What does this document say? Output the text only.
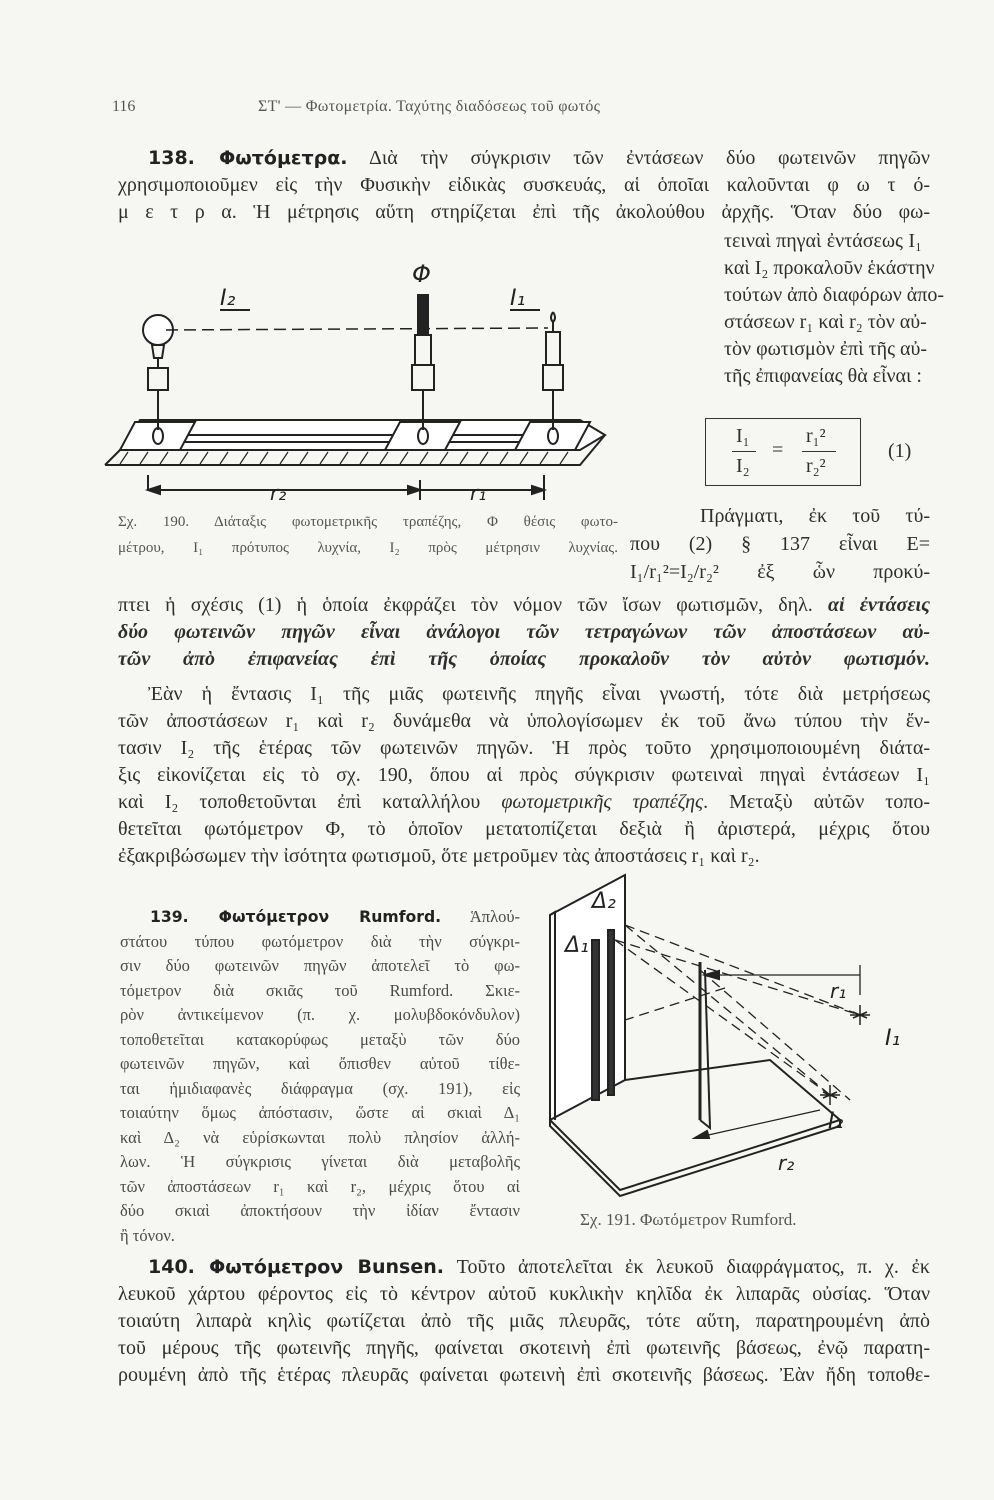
116	ΣΤ' — Φωτομετρία. Ταχύτης διαδόσεως τοῦ φωτός
138. Φωτόμετρα. Διὰ τὴν σύγκρισιν τῶν ἐντάσεων δύο φωτεινῶν πηγῶν
χρησιμοποιοῦμεν εἰς τὴν Φυσικὴν εἰδικὰς συσκευάς, αἱ ὁποῖαι καλοῦνται φ ω τ ό-
μ ε τ ρ α. Ἡ μέτρησις αὕτη στηρίζεται ἐπὶ τῆς ἀκολούθου ἀρχῆς. Ὅταν δύο φω-
τειναὶ πηγαὶ ἐντάσεως I₁
καὶ I₂ προκαλοῦν ἑκάστην
τούτων ἀπὸ διαφόρων ἀπο-
στάσεων r₁ καὶ r₂ τὸν αὐ-
τὸν φωτισμὸν ἐπὶ τῆς αὐ-
τῆς ἐπιφανείας θὰ εἶναι :
Σχ. 190. Διάταξις φωτομετρικῆς τραπέζης, Φ θέσις φωτο-
μέτρου, I₁ πρότυπος λυχνία, I₂ πρὸς μέτρησιν λυχνίας.
Πράγματι, ἐκ τοῦ τύ-
που (2) § 137 εἶναι E=
I₁/r₁²=I₂/r₂² ἐξ ὧν προκύ-
πτει ἡ σχέσις (1) ἡ ὁποία ἐκφράζει τὸν νόμον τῶν ἴσων φωτισμῶν, δηλ. αἱ ἐντάσεις
δύο φωτεινῶν πηγῶν εἶναι ἀνάλογοι τῶν τετραγώνων τῶν ἀποστάσεων αὐ-
τῶν ἀπὸ ἐπιφανείας ἐπὶ τῆς ὁποίας προκαλοῦν τὸν αὐτὸν φωτισμόν.
Ἐὰν ἡ ἔντασις I₁ τῆς μιᾶς φωτεινῆς πηγῆς εἶναι γνωστή, τότε διὰ μετρήσεως
τῶν ἀποστάσεων r₁ καὶ r₂ δυνάμεθα νὰ ὑπολογίσωμεν ἐκ τοῦ ἄνω τύπου τὴν ἔν-
τασιν I₂ τῆς ἑτέρας τῶν φωτεινῶν πηγῶν. Ἡ πρὸς τοῦτο χρησιμοποιουμένη διάτα-
ξις εἰκονίζεται εἰς τὸ σχ. 190, ὅπου αἱ πρὸς σύγκρισιν φωτειναὶ πηγαὶ ἐντάσεων I₁
καὶ I₂ τοποθετοῦνται ἐπὶ καταλλήλου φωτομετρικῆς τραπέζης. Μεταξὺ αὐτῶν τοπο-
θετεῖται φωτόμετρον Φ, τὸ ὁποῖον μετατοπίζεται δεξιὰ ἢ ἀριστερά, μέχρις ὅτου
ἐξακριβώσωμεν τὴν ἰσότητα φωτισμοῦ, ὅτε μετροῦμεν τὰς ἀποστάσεις r₁ καὶ r₂.
139. Φωτόμετρον Rumford. Ἁπλού-
στάτου τύπου φωτόμετρον διὰ τὴν σύγκρι-
σιν δύο φωτεινῶν πηγῶν ἀποτελεῖ τὸ φω-
τόμετρον διὰ σκιᾶς τοῦ Rumford. Σκιε-
ρὸν ἀντικείμενον (π. χ. μολυβδοκόνδυλον)
τοποθετεῖται κατακορύφως μεταξὺ τῶν δύο
φωτεινῶν πηγῶν, καὶ ὄπισθεν αὐτοῦ τίθε-
ται ἡμιδιαφανὲς διάφραγμα (σχ. 191), εἰς
τοιαύτην ὅμως ἀπόστασιν, ὥστε αἱ σκιαὶ Δ₁
καὶ Δ₂ νὰ εὑρίσκωνται πολὺ πλησίον ἀλλή-
λων. Ἡ σύγκρισις γίνεται διὰ μεταβολῆς
τῶν ἀποστάσεων r₁ καὶ r₂, μέχρις ὅτου αἱ
δύο σκιαὶ ἀποκτήσουν τὴν ἰδίαν ἔντασιν
ἢ τόνον.
140. Φωτόμετρον Bunsen. Τοῦτο ἀποτελεῖται ἐκ λευκοῦ διαφράγματος, π. χ. ἐκ
λευκοῦ χάρτου φέροντος εἰς τὸ κέντρον αὐτοῦ κυκλικὴν κηλῖδα ἐκ λιπαρᾶς οὐσίας. Ὅταν
τοιαύτη λιπαρὰ κηλὶς φωτίζεται ἀπὸ τῆς μιᾶς πλευρᾶς, τότε αὕτη, παρατηρουμένη ἀπὸ
τοῦ μέρους τῆς φωτεινῆς πηγῆς, φαίνεται σκοτεινὴ ἐπὶ φωτεινῆς βάσεως, ἐνῷ παρατη-
ρουμένη ἀπὸ τῆς ἑτέρας πλευρᾶς φαίνεται φωτεινὴ ἐπὶ σκοτεινῆς βάσεως. Ἐὰν ἤδη τοποθε-
Φ
I₂	I₁
r₂	r₁
I₁
I₂
=
r₁²
r₂²
(1)
Δ₁
Δ₂
r₁
r₂
I₁
I₂
Σχ. 191. Φωτόμετρον Rumford.
